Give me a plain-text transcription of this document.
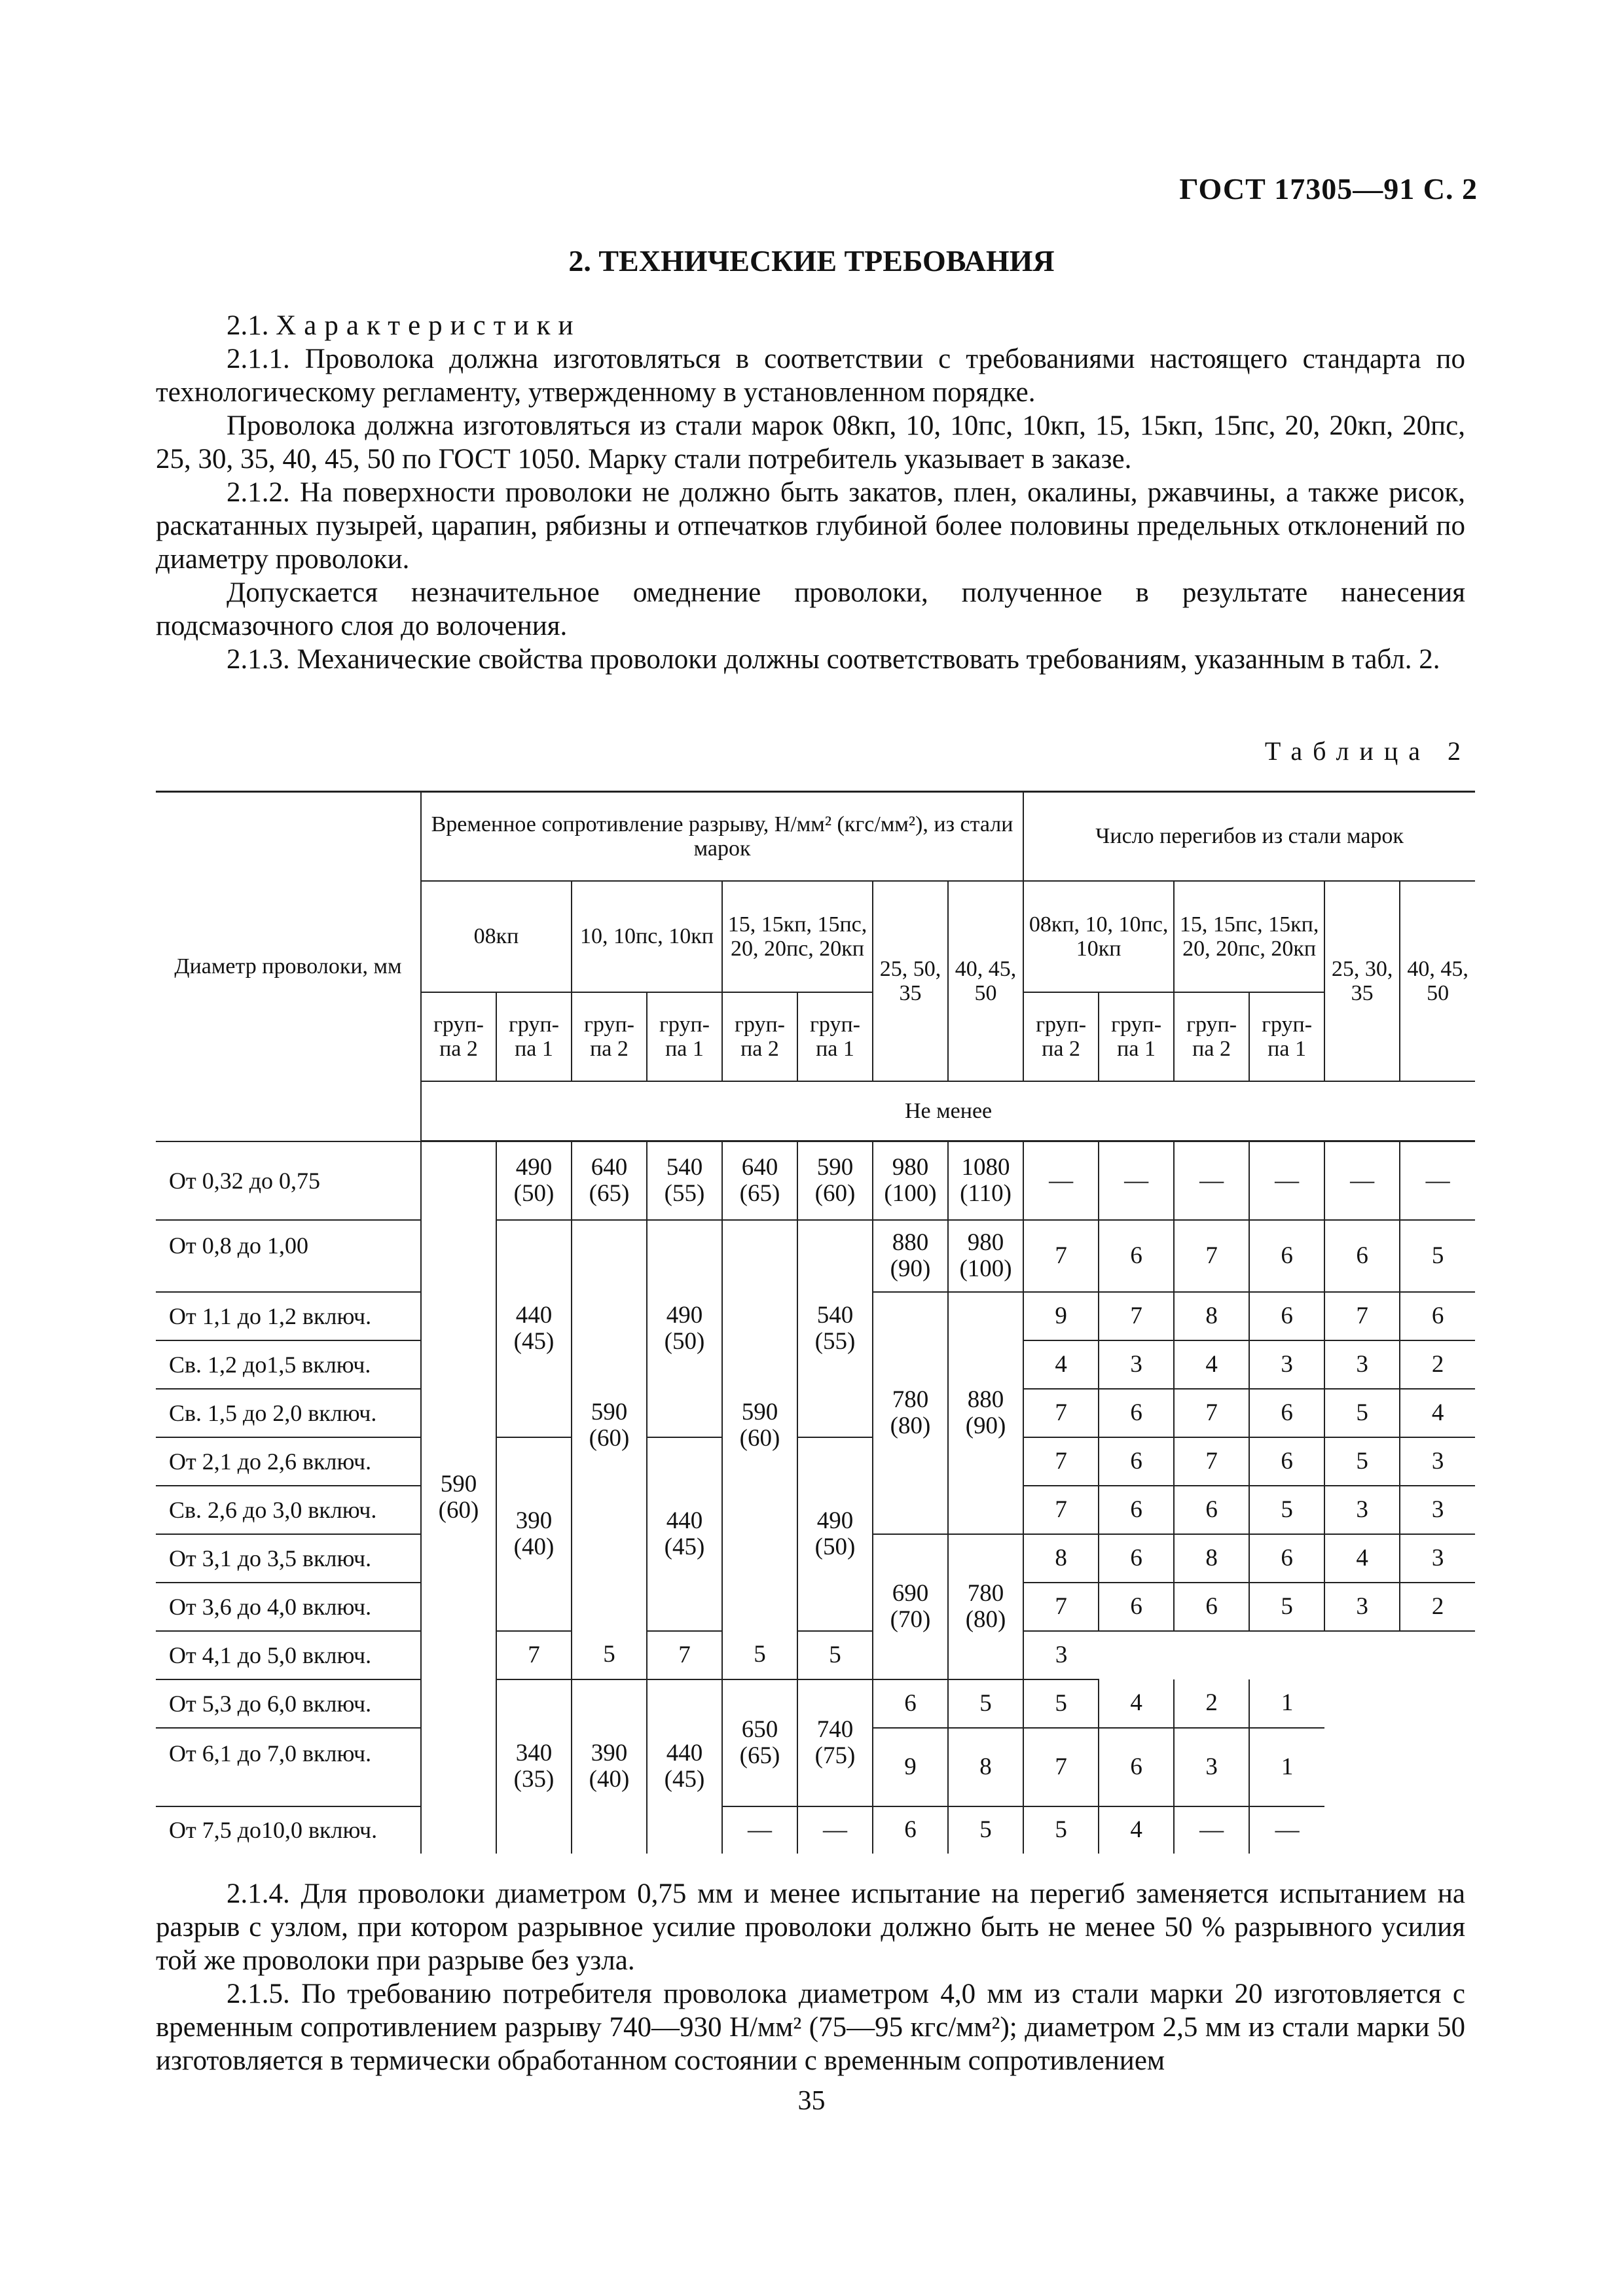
ГОСТ 17305—91 С. 2
2. ТЕХНИЧЕСКИЕ ТРЕБОВАНИЯ

2.1. Характеристики

2.1.1. Проволока должна изготовляться в соответствии с требованиями настоящего стандарта по технологическому регламенту, утвержденному в установленном порядке.

Проволока должна изготовляться из стали марок 08кп, 10, 10пс, 10кп, 15, 15кп, 15пс, 20, 20кп, 20пс, 25, 30, 35, 40, 45, 50 по ГОСТ 1050. Марку стали потребитель указывает в заказе.

2.1.2. На поверхности проволоки не должно быть закатов, плен, окалины, ржавчины, а также рисок, раскатанных пузырей, царапин, рябизны и отпечатков глубиной более половины предельных отклонений по диаметру проволоки.

Допускается незначительное омеднение проволоки, полученное в результате нанесения подсмазочного слоя до волочения.

2.1.3. Механические свойства проволоки должны соответствовать требованиям, указанным в табл. 2.

Таблица 2
Диаметр проволоки, мм	Временное сопротивление разрыву, Н/мм² (кгс/мм²), из стали марок								Число перегибов из стали марок					
	08кп		10, 10пс, 10кп		15, 15кп, 15пс, 20, 20пс, 20кп		25, 50, 35	40, 45, 50	08кп, 10, 10пс, 10кп		15, 15пс, 15кп, 20, 20пс, 20кп		25, 30, 35	40, 45, 50
	груп-па 2	груп-па 1	груп-па 2	груп-па 1	груп-па 2	груп-па 1			груп-па 2	груп-па 1	груп-па 2	груп-па 1		
	Не менее													
От 0,32 до 0,75	590 (60)	490 (50)	640 (65)	540 (55)	640 (65)	590 (60)	980 (100)	1080 (110)	—	—	—	—	—	—
От 0,8 до 1,00		440 (45)	590 (60)	490 (50)	590 (60)	540 (55)	880 (90)	980 (100)	7	6	7	6	6	5
От 1,1 до 1,2 включ.							780 (80)	880 (90)	9	7	8	6	7	6
Св. 1,2 до1,5 включ.									4	3	4	3	3	2
Св. 1,5 до 2,0 включ.									7	6	7	6	5	4
От 2,1 до 2,6 включ.		390 (40)		440 (45)		490 (50)			7	6	7	6	5	3
Св. 2,6 до 3,0 включ.									7	6	6	5	3	3
От 3,1 до 3,5 включ.							690 (70)	780 (80)	8	6	8	6	4	3
От 3,6 до 4,0 включ.									7	6	6	5	3	2
От 4,1 до 5,0 включ.		7	5	7	5	5			3					
От 5,3 до 6,0 включ.		340 (35)	390 (40)	440 (45)	650 (65)	740 (75)	6	5	5	4	2	1		
От 6,1 до 7,0 включ.							9	8	7	6	3	1		
От 7,5 до10,0 включ.					—	—	6	5	5	4	—	—		

2.1.4. Для проволоки диаметром 0,75 мм и менее испытание на перегиб заменяется испытанием на разрыв с узлом, при котором разрывное усилие проволоки должно быть не менее 50 % разрывного усилия той же проволоки при разрыве без узла.

2.1.5. По требованию потребителя проволока диаметром 4,0 мм из стали марки 20 изготовляется с временным сопротивлением разрыву 740—930 Н/мм² (75—95 кгс/мм²); диаметром 2,5 мм из стали марки 50 изготовляется в термически обработанном состоянии с временным сопротивлением

35
